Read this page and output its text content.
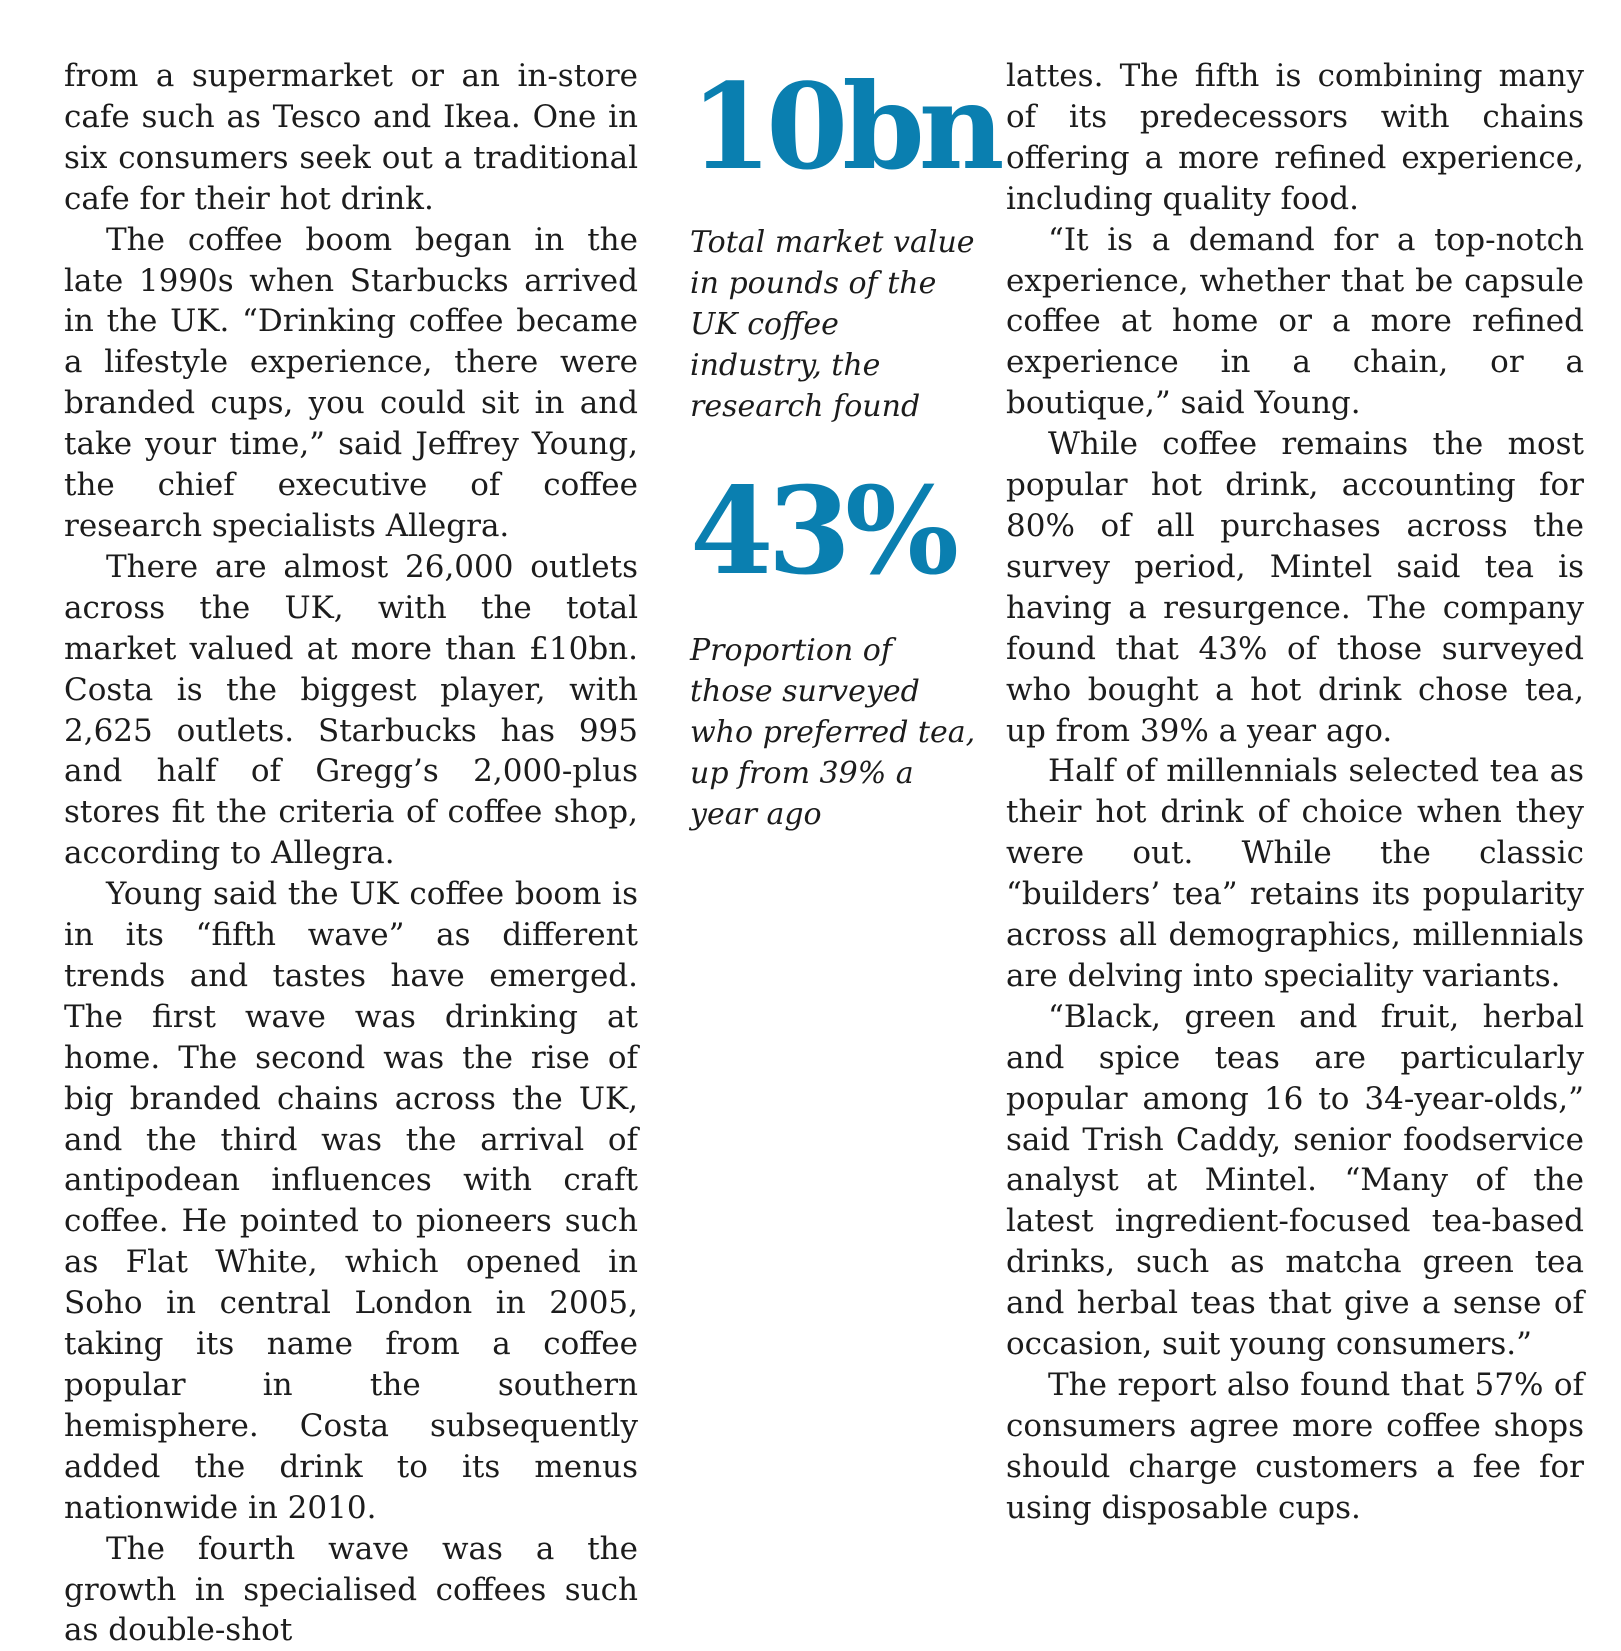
from a supermarket or an in-store cafe such as Tesco and Ikea. One in six consumers seek out a traditional cafe for their hot drink.

The coffee boom began in the late 1990s when Starbucks arrived in the UK. “Drinking coffee became a lifestyle experience, there were branded cups, you could sit in and take your time,” said Jeffrey Young, the chief executive of coffee research specialists Allegra.

There are almost 26,000 outlets across the UK, with the total market valued at more than £10bn. Costa is the biggest player, with 2,625 outlets. Starbucks has 995 and half of Gregg’s 2,000-plus stores fit the criteria of coffee shop, according to Allegra.

Young said the UK coffee boom is in its “fifth wave” as different trends and tastes have emerged. The first wave was drinking at home. The second was the rise of big branded chains across the UK, and the third was the arrival of antipodean influences with craft coffee. He pointed to pioneers such as Flat White, which opened in Soho in central London in 2005, taking its name from a coffee popular in the southern hemisphere. Costa subsequently added the drink to its menus nationwide in 2010.

The fourth wave was a the growth in specialised coffees such as double-shot

10bn

Total market value in pounds of the UK coffee industry, the research found

43%

Proportion of those surveyed who preferred tea, up from 39% a year ago

lattes. The fifth is combining many of its predecessors with chains offering a more refined experience, including quality food.

“It is a demand for a top-notch experience, whether that be capsule coffee at home or a more refined experience in a chain, or a boutique,” said Young.

While coffee remains the most popular hot drink, accounting for 80% of all purchases across the survey period, Mintel said tea is having a resurgence. The company found that 43% of those surveyed who bought a hot drink chose tea, up from 39% a year ago.

Half of millennials selected tea as their hot drink of choice when they were out. While the classic “builders’ tea” retains its popularity across all demographics, millennials are delving into speciality variants.

“Black, green and fruit, herbal and spice teas are particularly popular among 16 to 34-year-olds,” said Trish Caddy, senior foodservice analyst at Mintel. “Many of the latest ingredient-focused tea-based drinks, such as matcha green tea and herbal teas that give a sense of occasion, suit young consumers.”

The report also found that 57% of consumers agree more coffee shops should charge customers a fee for using disposable cups.
